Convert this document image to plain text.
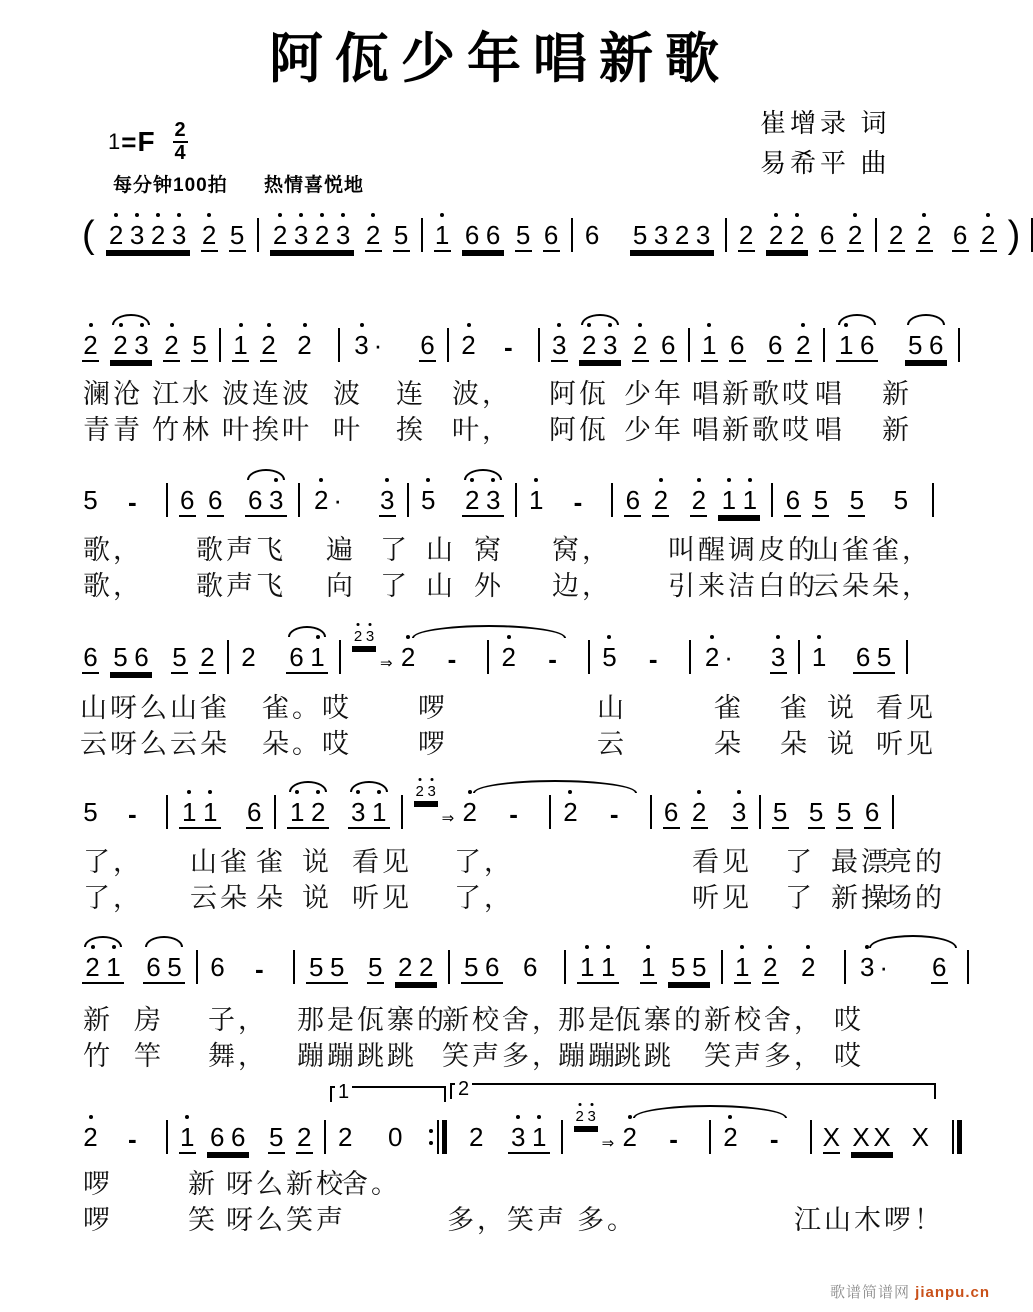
阿佤少年唱新歌
崔增录 词
易希平 曲
1 = F $\frac{2}{4}$
每分钟100拍 热情喜悦地
( 2 3 2 3 2 5 2 3 2 3 2 5 1 6 6 5 6 6 5 3 2 3 2 2 2 6 2 2 2 6 2 )
2 2 3 2 5 1 2 2 3 · 6 2 - 3 2 3 2 6 1 6 6 2 1 6 5 6
5 - 6 6 6 3 2 · 3 5 2 3 1 - 6 2 2 1 1 6 5 5 5
6 5 6 5 2 2 6 1
2 3
⇒ 2 - 2 - 5 - 2 · 3 1 6 5
5 - 1 1 6 1 2 3 1
2 3
⇒ 2 - 2 - 6 2 3 5 5 5 6
2 1 6 5 6 - 5 5 5 2 2 5 6 6 1 1 1 5 5 1 2 2 3 · 6
2 - 1 6 6 5 2 2 0	2 3 1
2 3
⇒ 2 - 2 - X X X X
澜沧 江水 波连波 波 连 波， 阿佤 少年 唱新歌哎 唱 新
青青 竹林 叶挨叶 叶 挨 叶， 阿佤 少年 唱新歌哎 唱 新
歌， 歌声飞 遍 了 山 窝 窝， 叫醒调皮的
山雀雀，
歌， 歌声飞 向 了 山 外 边， 引来洁白的
云朵朵，
山呀么山雀 雀。 哎 啰	山	雀 雀 说 看见
云呀么云朵 朵。 哎 啰	云	朵 朵 说 听见
了， 山雀 雀 说 看见 了，	看见 了 最漂
亮的
了， 云朵 朵 说 听见 了，	听见 了 新操
场的
新 房 子， 那是佤寨的
新校舍，
那是
佤寨的 新校舍， 哎
竹 竿 舞， 蹦蹦跳跳 笑声多，
蹦蹦
跳跳 笑声多， 哎
啰	新 呀么新校
舍。
啰	笑 呀么笑声	多，笑声 多。	江山木啰！
1	2
歌谱简谱网 jianpu.cn
